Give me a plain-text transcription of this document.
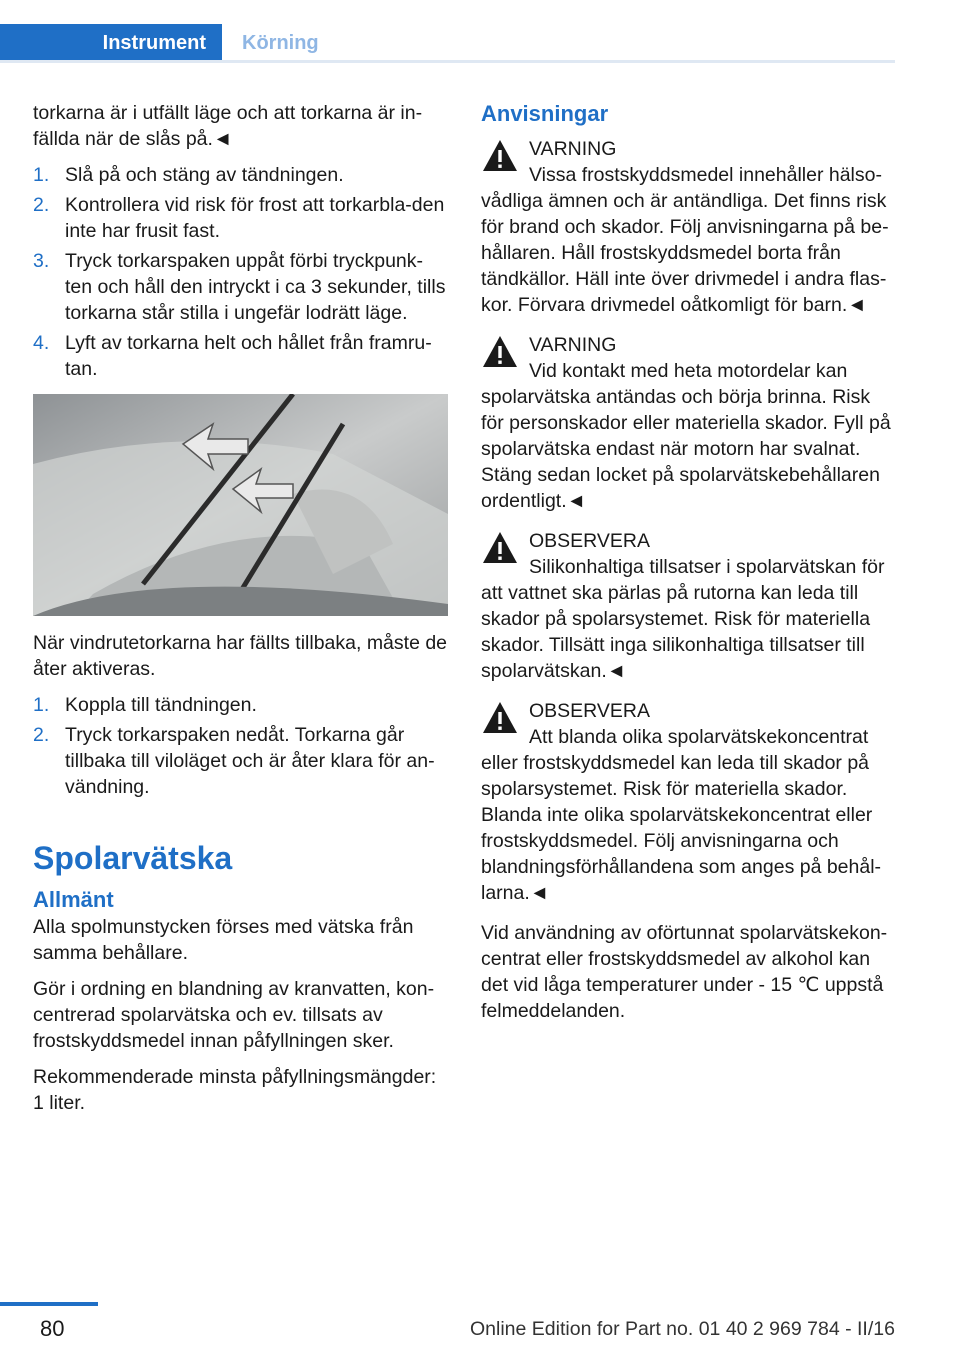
Instrument	Körning

torkarna är i utfällt läge och att torkarna är in-fällda när de slås på.◄

1. Slå på och stäng av tändningen.
2. Kontrollera vid risk för frost att torkarbla-den inte har frusit fast.
3. Tryck torkarspaken uppåt förbi tryckpunk-ten och håll den intryckt i ca 3 sekunder, tills torkarna står stilla i ungefär lodrätt läge.
4. Lyft av torkarna helt och hållet från framru-tan.

När vindrutetorkarna har fällts tillbaka, måste de åter aktiveras.

1. Koppla till tändningen.
2. Tryck torkarspaken nedåt. Torkarna går tillbaka till viloläget och är åter klara för an-vändning.
Spolarvätska
Allmänt

Alla spolmunstycken förses med vätska från samma behållare.

Gör i ordning en blandning av kranvatten, kon-centrerad spolarvätska och ev. tillsats av frostskyddsmedel innan påfyllningen sker.

Rekommenderade minsta påfyllningsmängder: 1 liter.

Anvisningar
VARNING
Vissa frostskyddsmedel innehåller hälso-vådliga ämnen och är antändliga. Det finns risk för brand och skador. Följ anvisningarna på be-hållaren. Håll frostskyddsmedel borta från tändkällor. Häll inte över drivmedel i andra flas-kor. Förvara drivmedel oåtkomligt för barn.◄
VARNING
Vid kontakt med heta motordelar kan spolarvätska antändas och börja brinna. Risk för personskador eller materiella skador. Fyll på spolarvätska endast när motorn har svalnat. Stäng sedan locket på spolarvätskebehållaren ordentligt.◄
OBSERVERA
Silikonhaltiga tillsatser i spolarvätskan för att vattnet ska pärlas på rutorna kan leda till skador på spolarsystemet. Risk för materiella skador. Tillsätt inga silikonhaltiga tillsatser till spolarvätskan.◄
OBSERVERA
Att blanda olika spolarvätskekoncentrat eller frostskyddsmedel kan leda till skador på spolarsystemet. Risk för materiella skador. Blanda inte olika spolarvätskekoncentrat eller frostskyddsmedel. Följ anvisningarna och blandningsförhållandena som anges på behål-larna.◄

Vid användning av oförtunnat spolarvätskekon-centrat eller frostskyddsmedel av alkohol kan det vid låga temperaturer under - 15 ℃ uppstå felmeddelanden.

80	Online Edition for Part no. 01 40 2 969 784 - II/16
